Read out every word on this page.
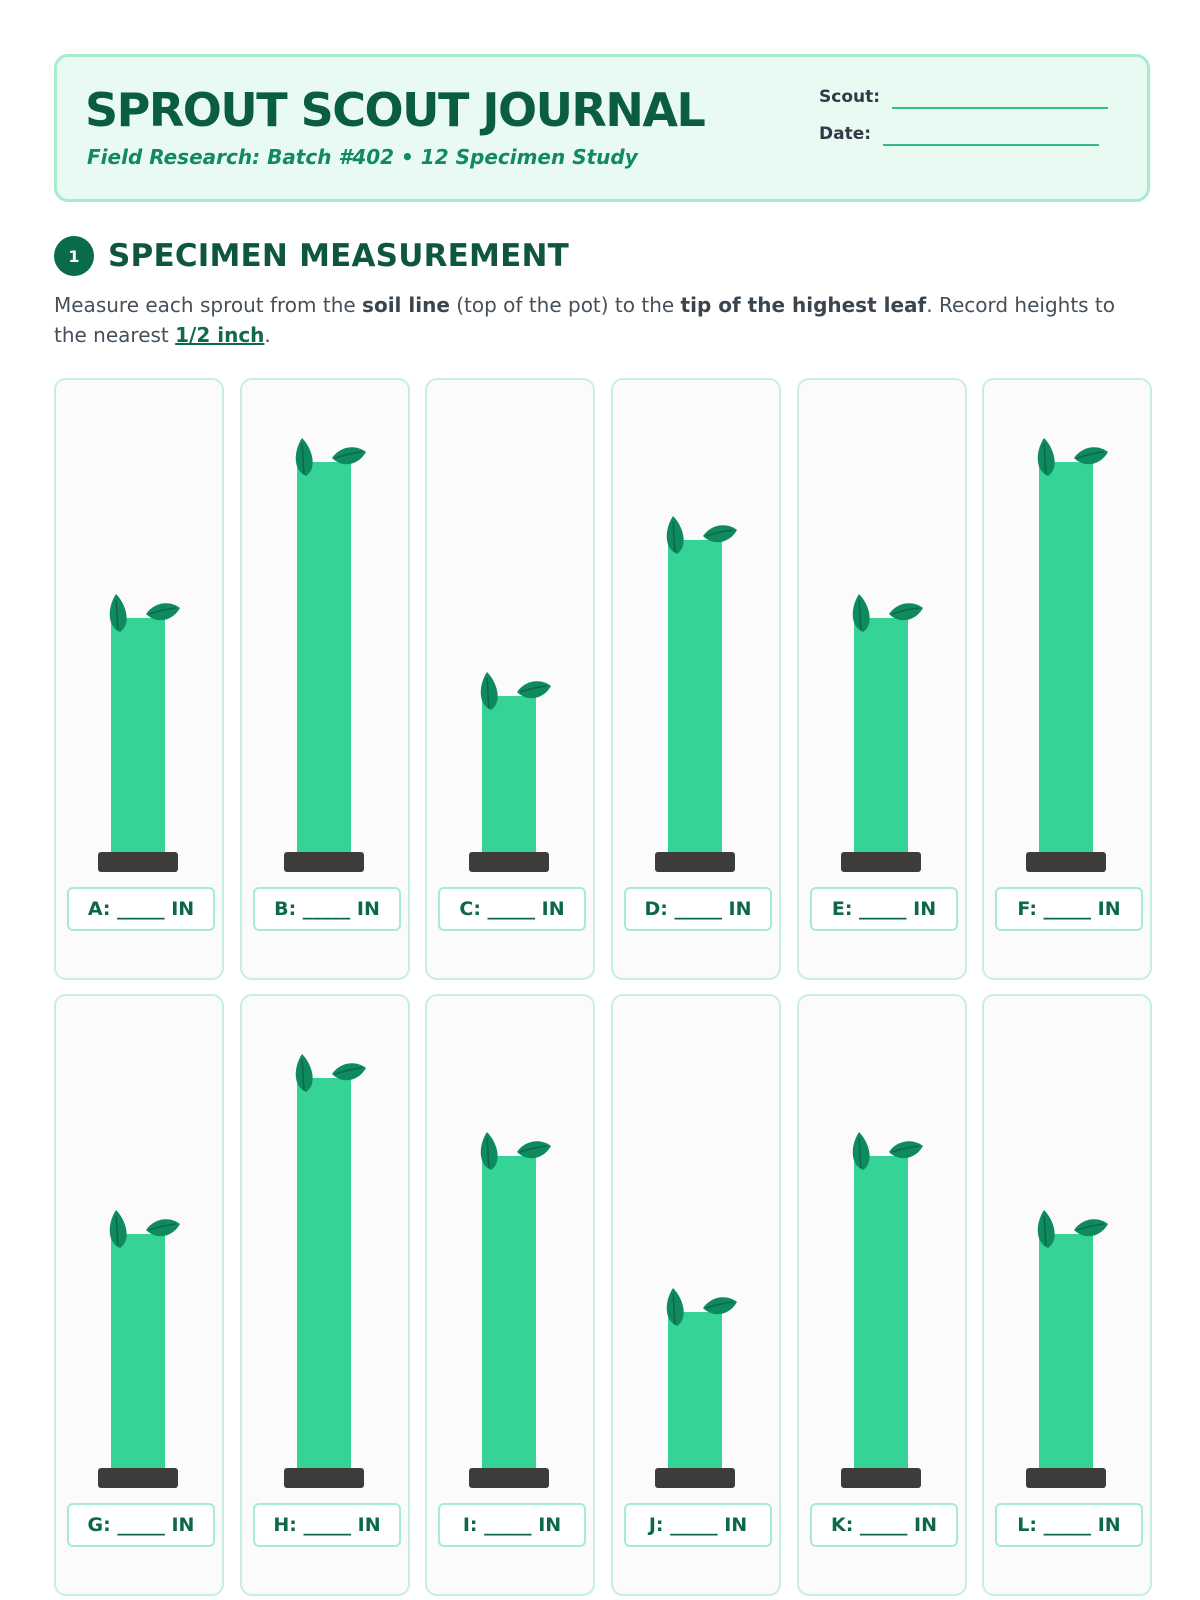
SPROUT SCOUT JOURNAL
Field Research: Batch #402 • 12 Specimen Study
Scout:
Date:
1 SPECIMEN MEASUREMENT
Measure each sprout from the soil line (top of the pot) to the tip of the highest leaf. Record heights to the nearest 1/2 inch.
A: _____ IN	B: _____ IN	C: _____ IN	D: _____ IN	E: _____ IN	F: _____ IN
G: _____ IN	H: _____ IN	I: _____ IN	J: _____ IN	K: _____ IN	L: _____ IN
